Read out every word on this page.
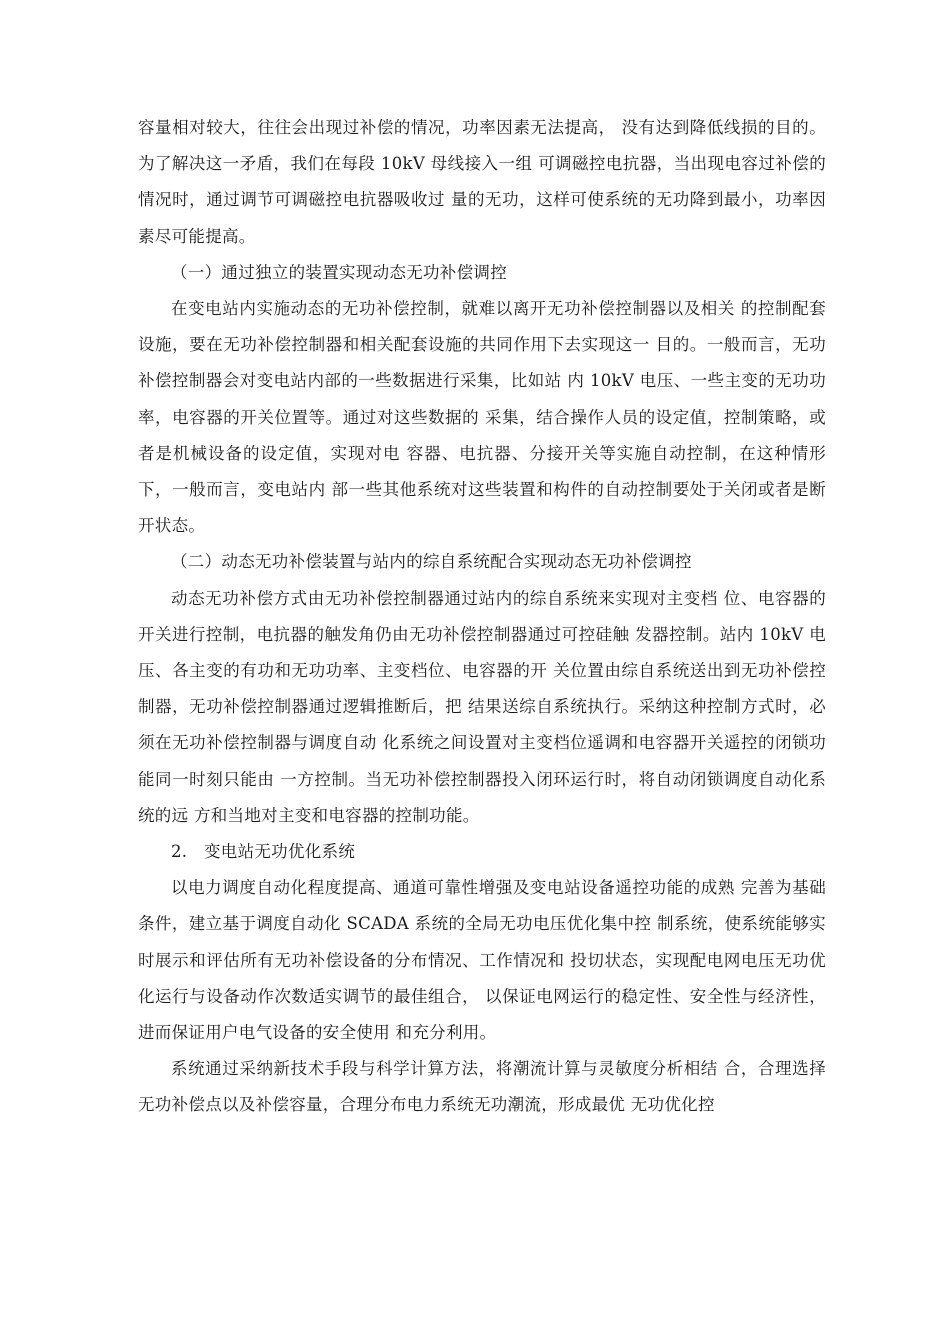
容量相对较大，往往会出现过补偿的情况，功率因素无法提高， 没有达到降低线损的目的。为了解决这一矛盾，我们在每段 10kV 母线接入一组 可调磁控电抗器，当出现电容过补偿的情况时，通过调节可调磁控电抗器吸收过 量的无功，这样可使系统的无功降到最小，功率因素尽可能提高。

（一）通过独立的装置实现动态无功补偿调控

在变电站内实施动态的无功补偿控制，就难以离开无功补偿控制器以及相关 的控制配套设施，要在无功补偿控制器和相关配套设施的共同作用下去实现这一 目的。一般而言，无功补偿控制器会对变电站内部的一些数据进行采集，比如站 内 10kV 电压、一些主变的无功功率，电容器的开关位置等。通过对这些数据的 采集，结合操作人员的设定值，控制策略，或者是机械设备的设定值，实现对电 容器、电抗器、分接开关等实施自动控制，在这种情形下，一般而言，变电站内 部一些其他系统对这些装置和构件的自动控制要处于关闭或者是断开状态。

（二）动态无功补偿装置与站内的综自系统配合实现动态无功补偿调控

动态无功补偿方式由无功补偿控制器通过站内的综自系统来实现对主变档 位、电容器的开关进行控制，电抗器的触发角仍由无功补偿控制器通过可控硅触 发器控制。站内 10kV 电压、各主变的有功和无功功率、主变档位、电容器的开 关位置由综自系统送出到无功补偿控制器，无功补偿控制器通过逻辑推断后，把 结果送综自系统执行。采纳这种控制方式时，必须在无功补偿控制器与调度自动 化系统之间设置对主变档位遥调和电容器开关遥控的闭锁功能同一时刻只能由 一方控制。当无功补偿控制器投入闭环运行时，将自动闭锁调度自动化系统的远 方和当地对主变和电容器的控制功能。

2.   变电站无功优化系统

以电力调度自动化程度提高、通道可靠性增强及变电站设备遥控功能的成熟 完善为基础条件，建立基于调度自动化 SCADA 系统的全局无功电压优化集中控 制系统，使系统能够实时展示和评估所有无功补偿设备的分布情况、工作情况和 投切状态，实现配电网电压无功优化运行与设备动作次数适实调节的最佳组合， 以保证电网运行的稳定性、安全性与经济性，进而保证用户电气设备的安全使用 和充分利用。

系统通过采纳新技术手段与科学计算方法，将潮流计算与灵敏度分析相结 合，合理选择无功补偿点以及补偿容量，合理分布电力系统无功潮流，形成最优 无功优化控
